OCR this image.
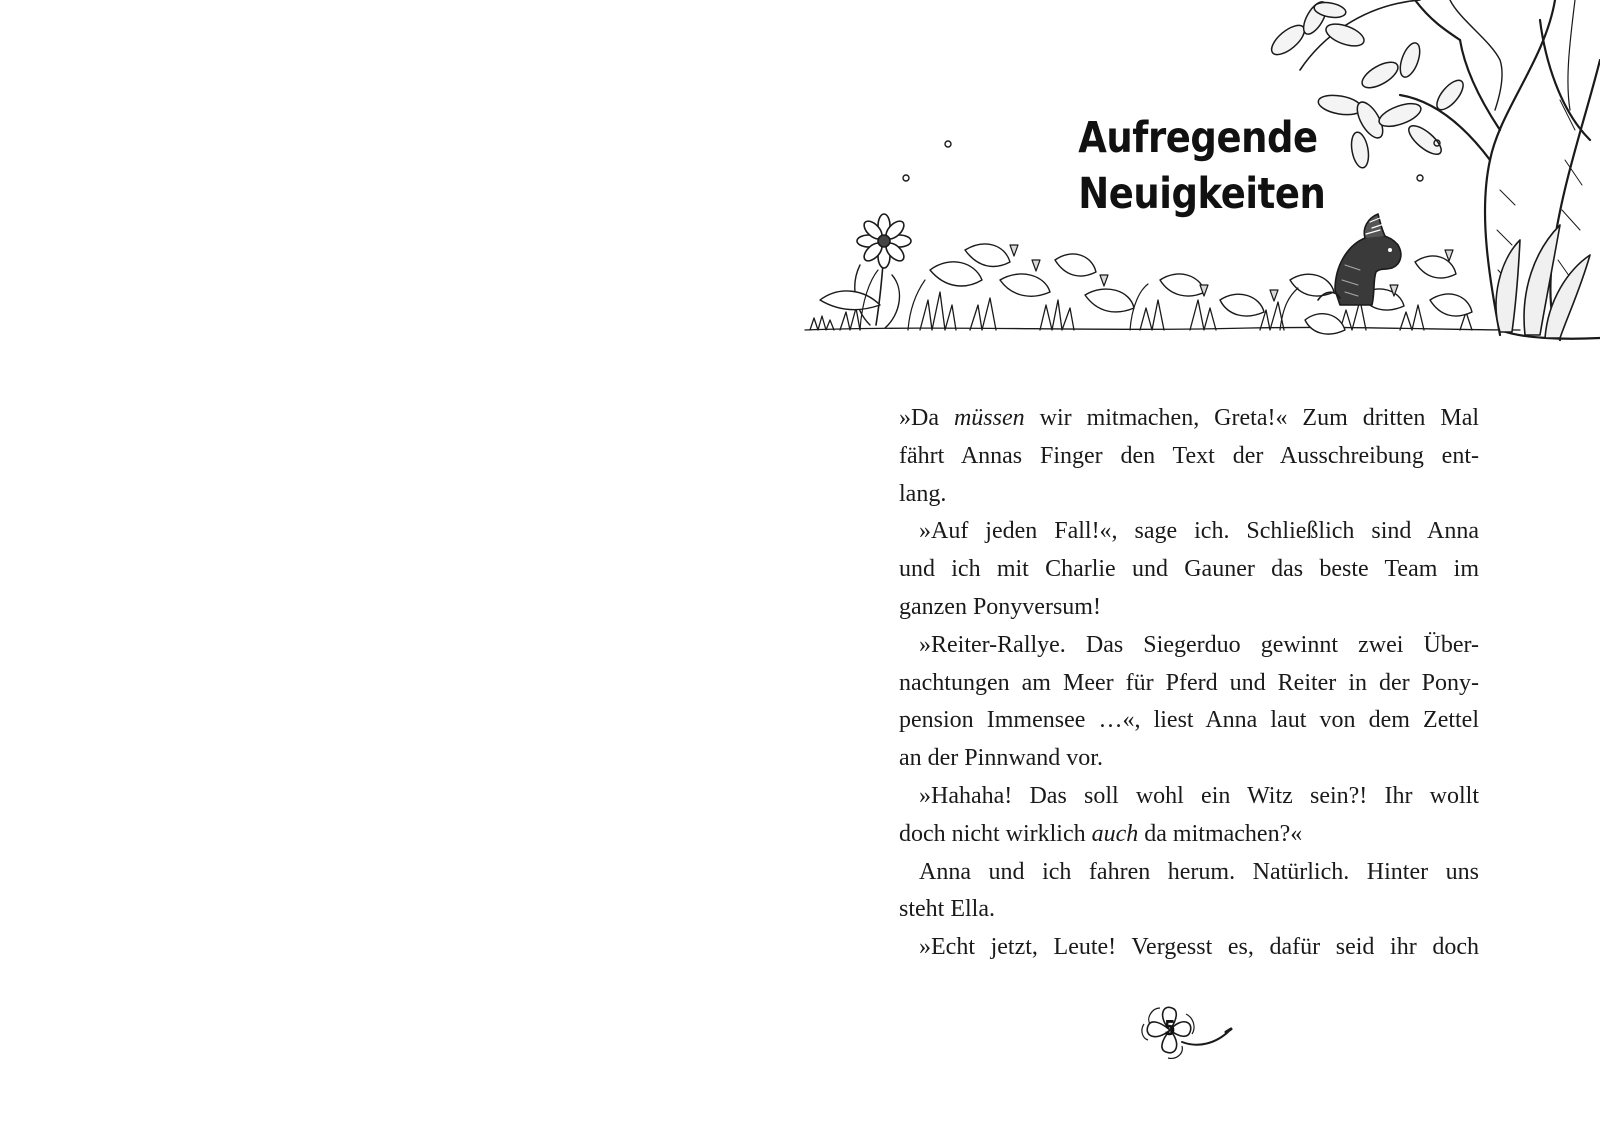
Aufregende
Neuigkeiten

»Da müssen wir mitmachen, Greta!« Zum dritten Mal
fährt Annas Finger den Text der Ausschreibung ent-
lang.

»Auf jeden Fall!«, sage ich. Schließlich sind Anna
und ich mit Charlie und Gauner das beste Team im
ganzen Ponyversum!

»Reiter-Rallye. Das Siegerduo gewinnt zwei Über-
nachtungen am Meer für Pferd und Reiter in der Pony-
pension Immensee …«, liest Anna laut von dem Zettel
an der Pinnwand vor.

»Hahaha! Das soll wohl ein Witz sein?! Ihr wollt
doch nicht wirklich auch da mitmachen?«

Anna und ich fahren herum. Natürlich. Hinter uns
steht Ella.

»Echt jetzt, Leute! Vergesst es, dafür seid ihr doch

5
